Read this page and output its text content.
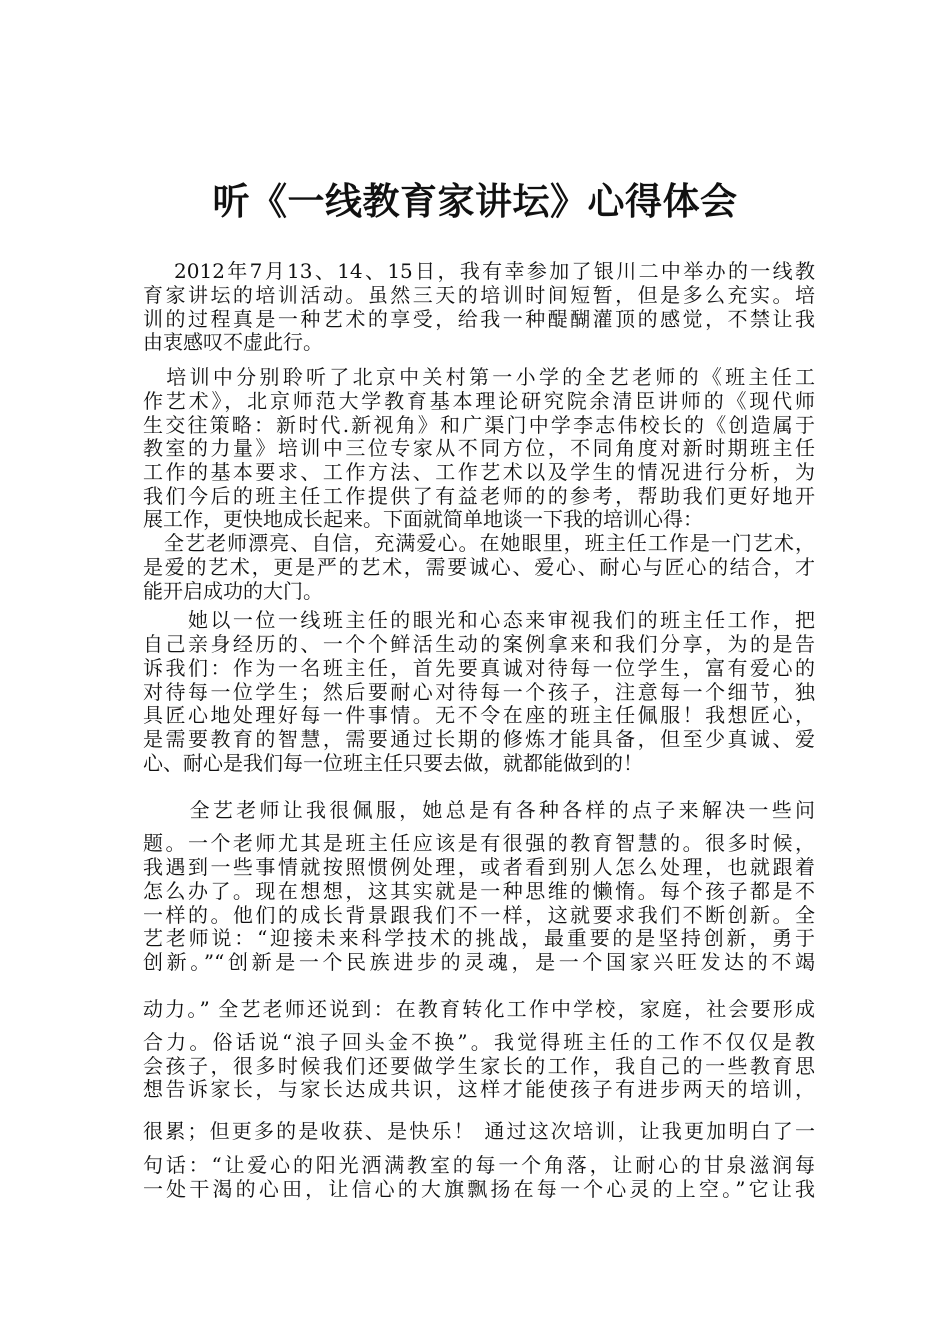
听《一线教育家讲坛》心得体会
　 2012年7月13、14、15日，我有幸参加了银川二中举办的一线教
育家讲坛的培训活动。虽然三天的培训时间短暂，但是多么充实。培
训的过程真是一种艺术的享受，给我一种醍醐灌顶的感觉，不禁让我
由衷感叹不虚此行。
　培训中分别聆听了北京中关村第一小学的全艺老师的《班主任工
作艺术》，北京师范大学教育基本理论研究院余清臣讲师的《现代师
生交往策略：新时代.新视角》和广渠门中学李志伟校长的《创造属于
教室的力量》培训中三位专家从不同方位，不同角度对新时期班主任
工作的基本要求、工作方法、工作艺术以及学生的情况进行分析，为
我们今后的班主任工作提供了有益老师的的参考，帮助我们更好地开
展工作，更快地成长起来。下面就简单地谈一下我的培训心得：
　全艺老师漂亮、自信，充满爱心。在她眼里，班主任工作是一门艺术，
是爱的艺术，更是严的艺术，需要诚心、爱心、耐心与匠心的结合，才
能开启成功的大门。
　　她以一位一线班主任的眼光和心态来审视我们的班主任工作，把
自己亲身经历的、一个个鲜活生动的案例拿来和我们分享，为的是告
诉我们：作为一名班主任，首先要真诚对待每一位学生，富有爱心的
对待每一位学生；然后要耐心对待每一个孩子，注意每一个细节，独
具匠心地处理好每一件事情。无不令在座的班主任佩服！我想匠心，
是需要教育的智慧，需要通过长期的修炼才能具备，但至少真诚、爱
心、耐心是我们每一位班主任只要去做，就都能做到的！
　　全艺老师让我很佩服，她总是有各种各样的点子来解决一些问
题。一个老师尤其是班主任应该是有很强的教育智慧的。很多时候，
我遇到一些事情就按照惯例处理，或者看到别人怎么处理，也就跟着
怎么办了。现在想想，这其实就是一种思维的懒惰。每个孩子都是不
一样的。他们的成长背景跟我们不一样，这就要求我们不断创新。全
艺老师说：“迎接未来科学技术的挑战，最重要的是坚持创新，勇于
创新。”“创新是一个民族进步的灵魂，是一个国家兴旺发达的不竭
动力。” 全艺老师还说到：在教育转化工作中学校，家庭，社会要形成
合力。俗话说“浪子回头金不换”。我觉得班主任的工作不仅仅是教
会孩子，很多时候我们还要做学生家长的工作，我自己的一些教育思
想告诉家长，与家长达成共识，这样才能使孩子有进步两天的培训，
很累；但更多的是收获、是快乐！ 通过这次培训，让我更加明白了一
句话：“让爱心的阳光洒满教室的每一个角落，让耐心的甘泉滋润每
一处干渴的心田，让信心的大旗飘扬在每一个心灵的上空。”它让我
